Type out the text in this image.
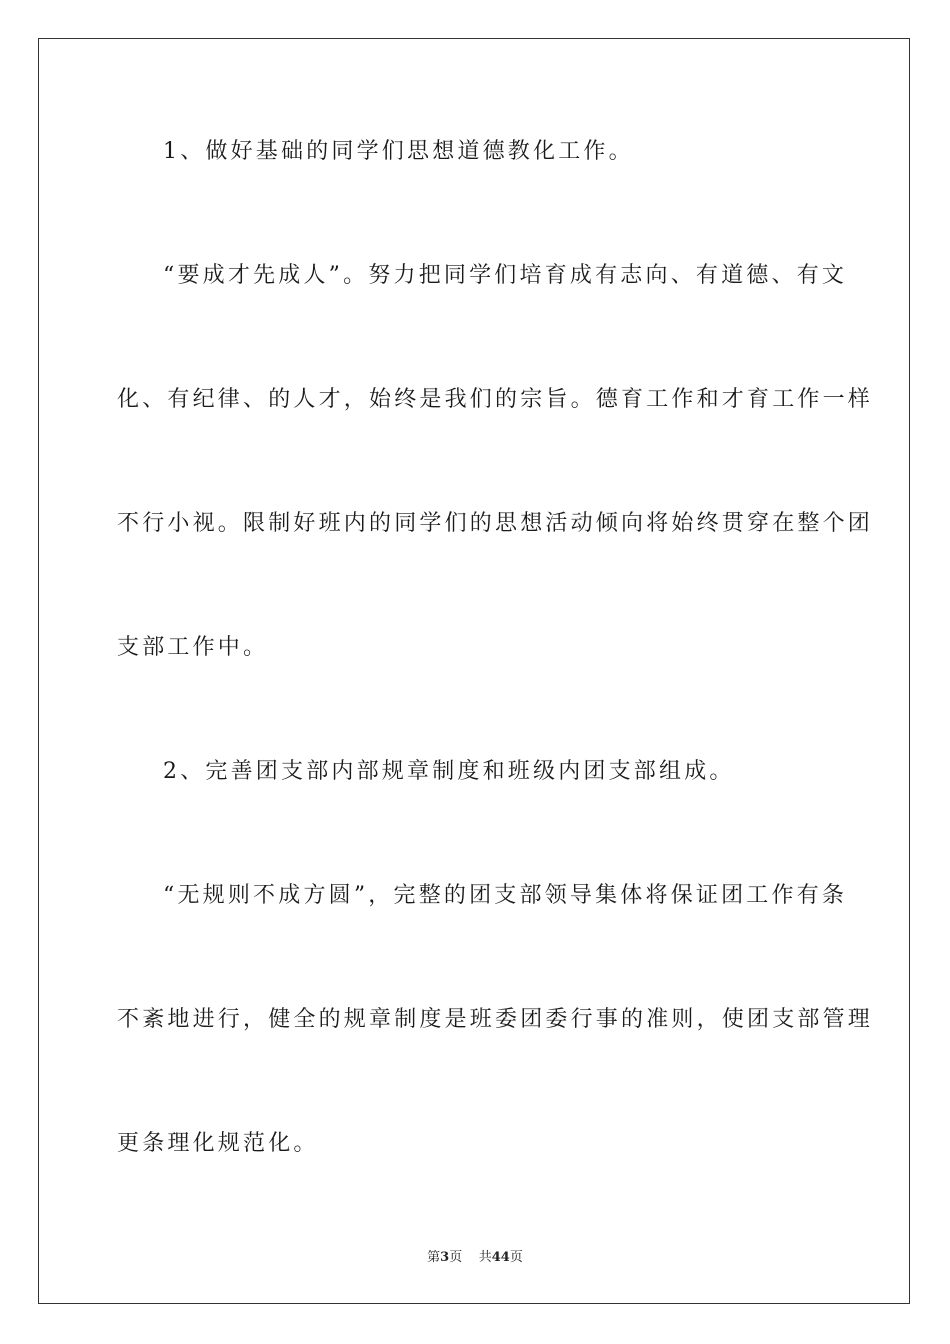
1、做好基础的同学们思想道德教化工作。
“要成才先成人”。努力把同学们培育成有志向、有道德、有文
化、有纪律、的人才，始终是我们的宗旨。德育工作和才育工作一样
不行小视。限制好班内的同学们的思想活动倾向将始终贯穿在整个团
支部工作中。
2、完善团支部内部规章制度和班级内团支部组成。
“无规则不成方圆”，完整的团支部领导集体将保证团工作有条
不紊地进行，健全的规章制度是班委团委行事的准则，使团支部管理
更条理化规范化。
第3页 共44页
